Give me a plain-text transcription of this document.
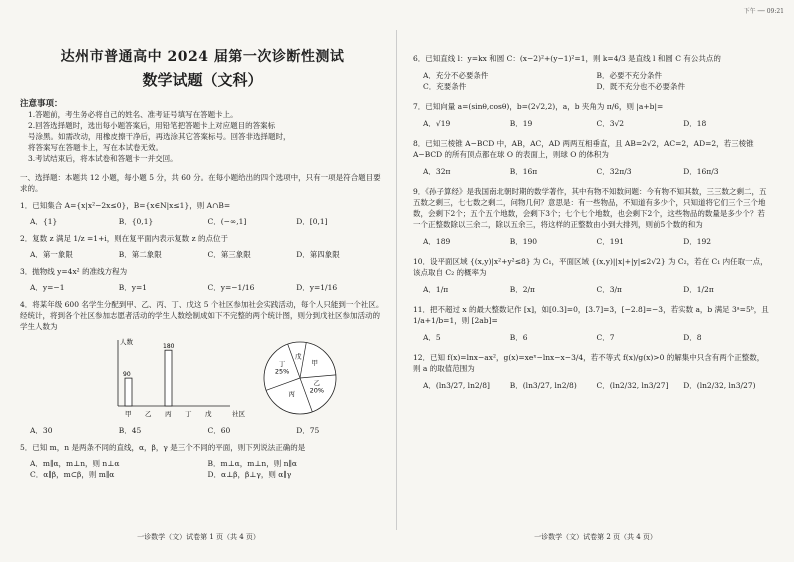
下午 ── 09:21
达州市普通高中 2024 届第一次诊断性测试
数学试题（文科）
注意事项：
1.答题前，考生务必将自己的姓名、准考证号填写在答题卡上。
2.回答选择题时，选出每小题答案后，用铅笔把答题卡上对应题目的答案标
号涂黑。如需改动，用橡皮擦干净后，再选涂其它答案标号。回答非选择题时，
将答案写在答题卡上，写在本试卷无效。
3.考试结束后，将本试卷和答题卡一并交回。
一、选择题：本题共 12 小题，每小题 5 分，共 60 分。在每小题给出的四个选项中，只有一项是符合题目要求的。
1．已知集合 A={x|x²−2x≤0}，B={x∈N|x≤1}，则 A∩B=
A．{1}	B．{0,1}	C．(−∞,1]	D．[0,1]
2．复数 z 满足 1/z =1+i，则在复平面内表示复数 z 的点位于
A．第一象限	B．第二象限	C．第三象限	D．第四象限
3．抛物线 y=4x² 的准线方程为
A．y=−1	B．y=1	C．y=−1/16	D．y=1/16
4．将某年级 600 名学生分配到甲、乙、丙、丁、戊这 5 个社区参加社会实践活动，每个人只能到一个社区。经统计，将到各个社区参加志愿者活动的学生人数绘制成如下不完整的两个统计图，则分到戊社区参加活动的学生人数为
人数
社区
甲
90
乙 丙
180
丁 戊
甲
乙 20%
丙
丁 25%
戊
A．30	B．45	C．60	D．75
5．已知 m，n 是两条不同的直线，α，β，γ 是三个不同的平面，则下列说法正确的是
A．m∥α，m⊥n，则 n⊥α	B．m⊥α，m⊥n，则 n∥α
C．α∥β，m⊂β，则 m∥α	D．α⊥β，β⊥γ，则 α∥γ
一诊数学（文）试卷第 1 页（共 4 页）
6．已知直线 l：y=kx 和圆 C：(x−2)²+(y−1)²=1，则 k=4/3 是直线 l 和圆 C 有公共点的
A．充分不必要条件	B．必要不充分条件
C．充要条件	D．既不充分也不必要条件
7．已知向量 a=(sinθ,cosθ)，b=(2√2,2)，a，b 夹角为 π/6，则 |a+b|=
A．√19	B．19	C．3√2	D．18
8．已知三棱锥 A−BCD 中，AB，AC，AD 两两互相垂直，且 AB=2√2，AC=2，AD=2，若三棱锥 A−BCD 的所有顶点都在球 O 的表面上，则球 O 的体积为
A．32π	B．16π	C．32π/3	D．16π/3
9．《孙子算经》是我国南北朝时期的数学著作，其中有物不知数问题：今有物不知其数，三三数之剩二，五五数之剩三，七七数之剩二，问物几何？意思是：有一些物品，不知道有多少个，只知道将它们三个三个地数，会剩下2个；五个五个地数，会剩下3个；七个七个地数，也会剩下2个，这些物品的数量是多少个？若一个正整数除以三余二，除以五余三，将这样的正整数由小到大排列，则前5个数的和为
A．189	B．190	C．191	D．192
10．设平面区域 {(x,y)|x²+y²≤8} 为 C₁，平面区域 {(x,y)||x|+|y|≤2√2} 为 C₂，若在 C₁ 内任取一点，该点取自 C₂ 的概率为
A．1/π	B．2/π	C．3/π	D．1/2π
11．把不超过 x 的最大整数记作 [x]，如[0.3]=0，[3.7]=3，[−2.8]=−3，若实数 a，b 满足 3ᵃ=5ᵇ，且 1/a+1/b=1，则 [2ab]=
A．5	B．6	C．7	D．8
12．已知 f(x)=lnx−ax²，g(x)=xeˣ−lnx−x−3/4，若不等式 f(x)/g(x)>0 的解集中只含有两个正整数，则 a 的取值范围为
A．(ln3/27, ln2/8]	B．(ln3/27, ln2/8)	C．(ln2/32, ln3/27]	D．(ln2/32, ln3/27)
一诊数学（文）试卷第 2 页（共 4 页）
